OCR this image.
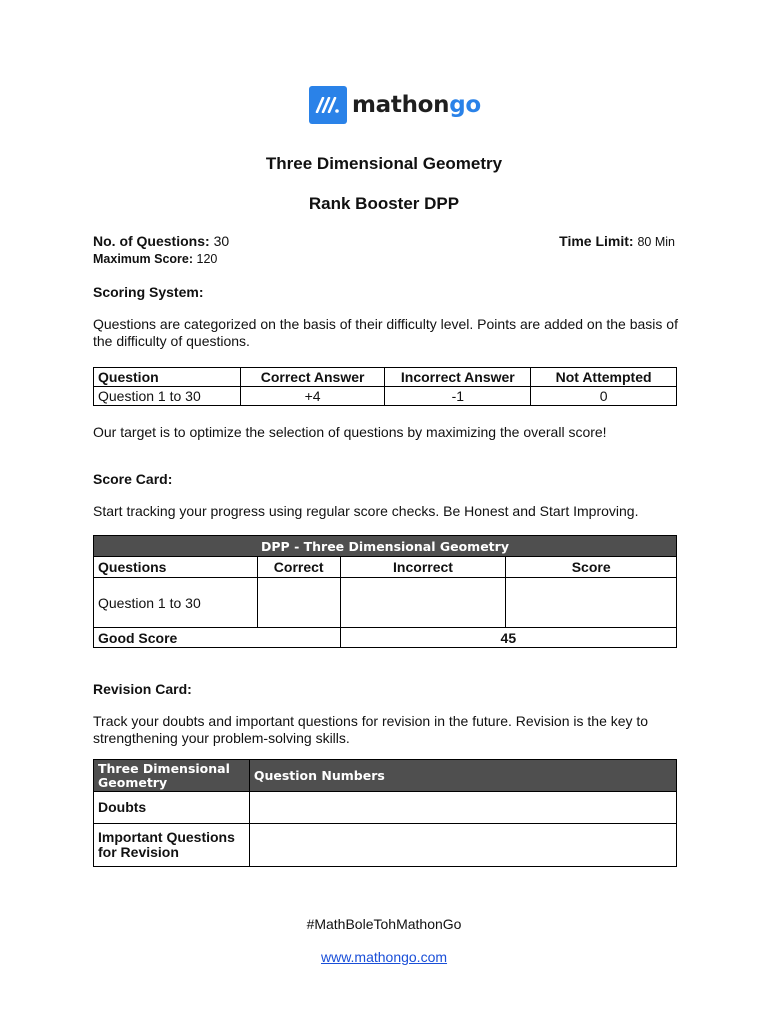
mathongo
Three Dimensional Geometry
Rank Booster DPP
No. of Questions: 30
Maximum Score: 120
Time Limit: 80 Min
Scoring System:
Questions are categorized on the basis of their difficulty level. Points are added on the basis of the difficulty of questions.
Question	Correct Answer	Incorrect Answer	Not Attempted
Question 1 to 30	+4	-1	0
Our target is to optimize the selection of questions by maximizing the overall score!
Score Card:
Start tracking your progress using regular score checks. Be Honest and Start Improving.
DPP - Three Dimensional Geometry			
Questions	Correct	Incorrect	Score
Question 1 to 30			
Good Score		45	
Revision Card:
Track your doubts and important questions for revision in the future. Revision is the key to strengthening your problem-solving skills.
Three Dimensional Geometry	Question Numbers
Doubts	
Important Questions for Revision	
#MathBoleTohMathonGo
www.mathongo.com
